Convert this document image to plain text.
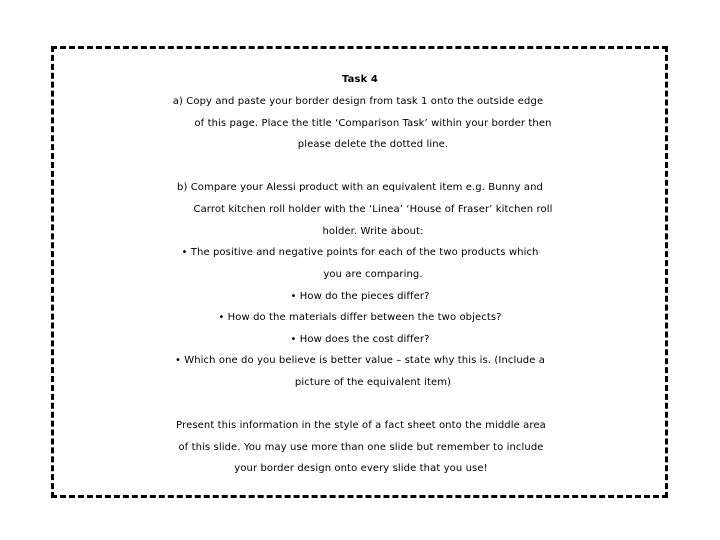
Task 4
a) Copy and paste your border design from task 1 onto the outside edge
of this page. Place the title ‘Comparison Task’ within your border then
please delete the dotted line.
b) Compare your Alessi product with an equivalent item e.g. Bunny and
Carrot kitchen roll holder with the ‘Linea’ ‘House of Fraser’ kitchen roll
holder. Write about:
• The positive and negative points for each of the two products which
you are comparing.
• How do the pieces differ?
• How do the materials differ between the two objects?
• How does the cost differ?
• Which one do you believe is better value – state why this is. (Include a
picture of the equivalent item)
Present this information in the style of a fact sheet onto the middle area
of this slide. You may use more than one slide but remember to include
your border design onto every slide that you use!
